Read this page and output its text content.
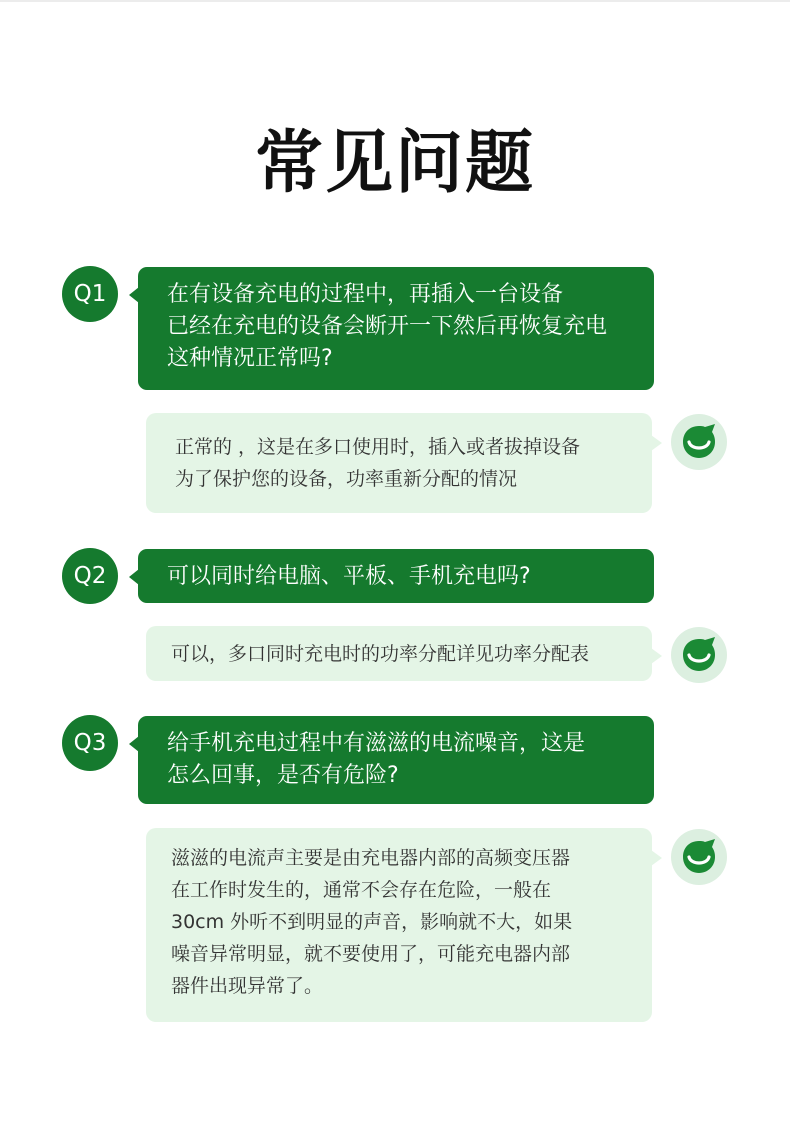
常见问题
Q1	在有设备充电的过程中，再插入一台设备
已经在充电的设备会断开一下然后再恢复充电
这种情况正常吗?
正常的 ，这是在多口使用时，插入或者拔掉设备
为了保护您的设备，功率重新分配的情况
Q2	可以同时给电脑、平板、手机充电吗?
可以，多口同时充电时的功率分配详见功率分配表
Q3	给手机充电过程中有滋滋的电流噪音，这是
怎么回事，是否有危险?
滋滋的电流声主要是由充电器内部的高频变压器
在工作时发生的，通常不会存在危险，一般在
30cm 外听不到明显的声音，影响就不大，如果
噪音异常明显，就不要使用了，可能充电器内部
器件出现异常了。
